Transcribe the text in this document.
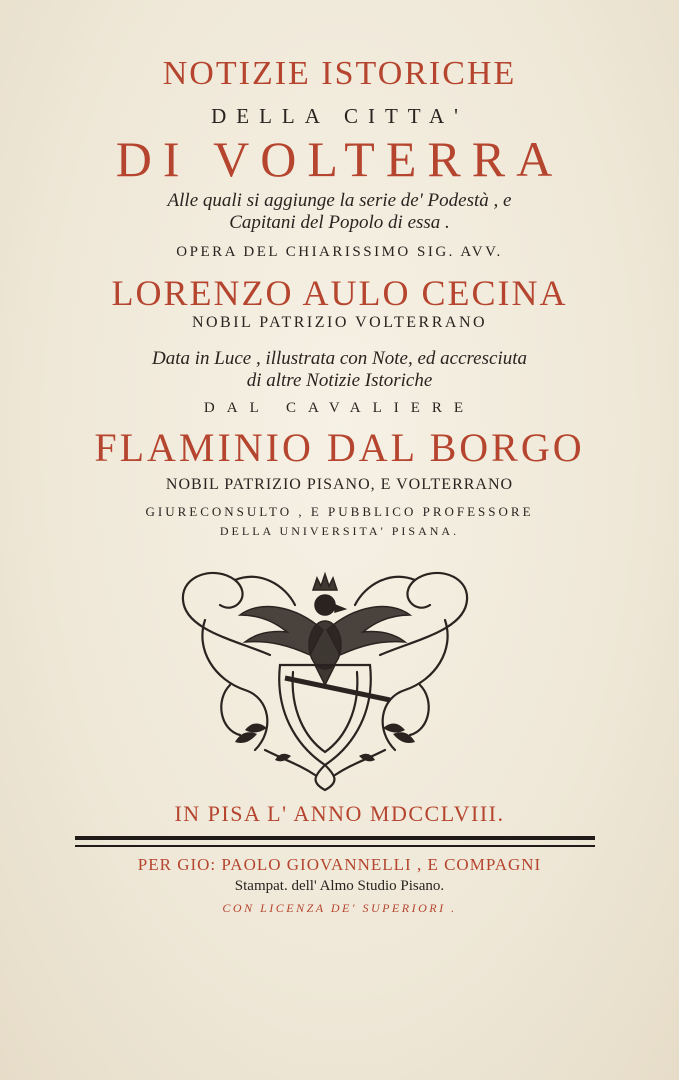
NOTIZIE ISTORICHE
DELLA CITTA'
DI VOLTERRA
Alle quali si aggiunge la serie de' Podestà , e
Capitani del Popolo di essa .
OPERA DEL CHIARISSIMO SIG. AVV.
LORENZO AULO CECINA
NOBIL PATRIZIO VOLTERRANO
Data in Luce , illustrata con Note, ed accresciuta
di altre Notizie Istoriche
DAL CAVALIERE
FLAMINIO DAL BORGO
NOBIL PATRIZIO PISANO, E VOLTERRANO
GIURECONSULTO , E PUBBLICO PROFESSORE
DELLA UNIVERSITA' PISANA.
IN PISA L' ANNO MDCCLVIII.
PER GIO: PAOLO GIOVANNELLI , E COMPAGNI
Stampat. dell' Almo Studio Pisano.
CON LICENZA DE' SUPERIORI .
